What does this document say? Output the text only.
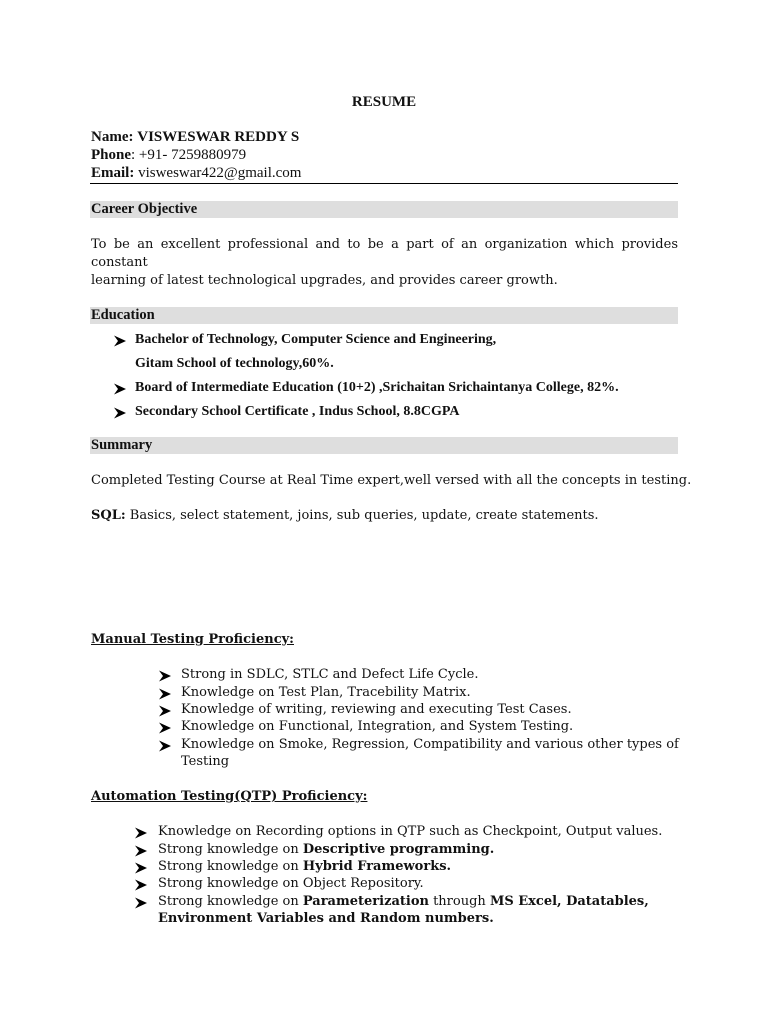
RESUME
Name: VISWESWAR REDDY S
Phone: +91- 7259880979
Email: visweswar422@gmail.com
Career Objective
To be an excellent professional and to be a part of an organization which provides constant
learning of latest technological upgrades, and provides career growth.
Education
Bachelor of Technology, Computer Science and Engineering,
Gitam School of technology,60%.
Board of Intermediate Education (10+2) ,Srichaitan Srichaintanya College, 82%.
Secondary School Certificate , Indus School, 8.8CGPA
Summary
Completed Testing Course at Real Time expert,well versed with all the concepts in testing.
SQL: Basics, select statement, joins, sub queries, update, create statements.
Manual Testing Proficiency:
Strong in SDLC, STLC and Defect Life Cycle.
Knowledge on Test Plan, Tracebility Matrix.
Knowledge of writing, reviewing and executing Test Cases.
Knowledge on Functional, Integration, and System Testing.
Knowledge on Smoke, Regression, Compatibility and various other types of
Testing
Automation Testing(QTP) Proficiency:
Knowledge on Recording options in QTP such as Checkpoint, Output values.
Strong knowledge on Descriptive programming.
Strong knowledge on Hybrid Frameworks.
Strong knowledge on Object Repository.
Strong knowledge on Parameterization through MS Excel, Datatables,
Environment Variables and Random numbers.
